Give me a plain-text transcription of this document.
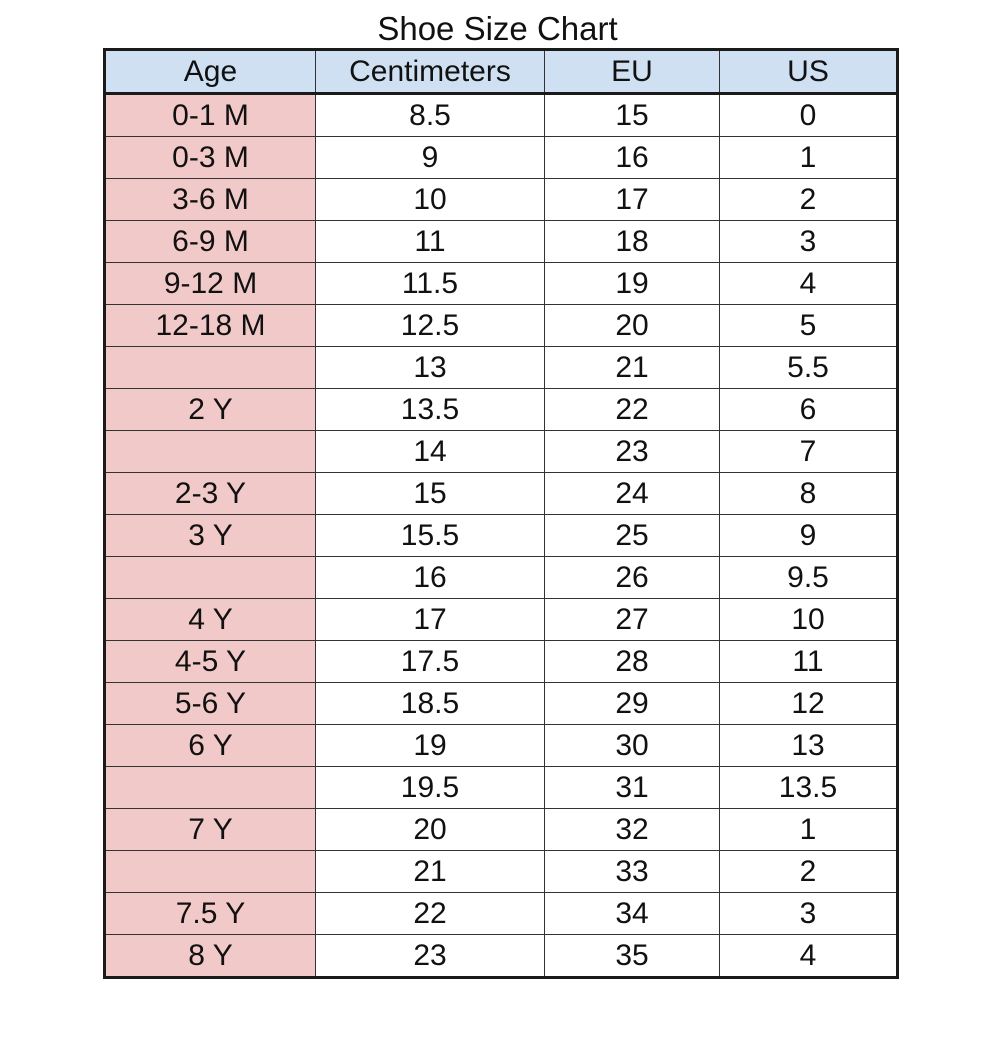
Shoe Size Chart
Age	Centimeters	EU	US
0-1 M	8.5	15	0
0-3 M	9	16	1
3-6 M	10	17	2
6-9 M	11	18	3
9-12 M	11.5	19	4
12-18 M	12.5	20	5
	13	21	5.5
2 Y	13.5	22	6
	14	23	7
2-3 Y	15	24	8
3 Y	15.5	25	9
	16	26	9.5
4 Y	17	27	10
4-5 Y	17.5	28	11
5-6 Y	18.5	29	12
6 Y	19	30	13
	19.5	31	13.5
7 Y	20	32	1
	21	33	2
7.5 Y	22	34	3
8 Y	23	35	4
